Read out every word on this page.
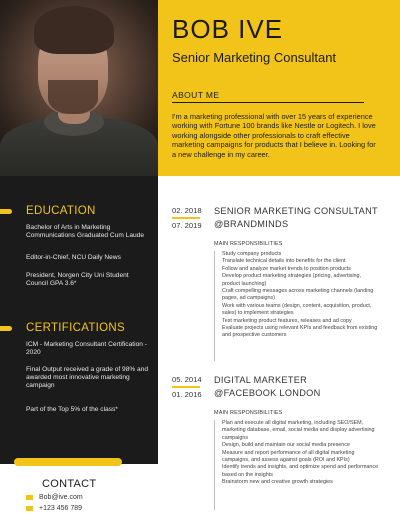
EDUCATION
Bachelor of Arts in Marketing Communications Graduated Cum Laude
Editor-in-Chief, NCU Daily News
President, Norgen City Uni Student Council GPA 3.6*
CERTIFICATIONS
ICM - Marketing Consultant Certification - 2020
Final Output received a grade of 98% and awarded most innovative marketing campaign
Part of the Top 5% of the class*
CONTACT
Bob@ive.com
+123 456 789
BOB IVE
Senior Marketing Consultant
ABOUT ME
I'm a marketing professional with over 15 years of experience working with Fortune 100 brands like Nestle or Logitech. I love working alongside other professionals to craft effective marketing campaigns for products that I believe in. Looking for a new challenge in my career.
02. 2018
07. 2019
SENIOR MARKETING CONSULTANT
@BRANDMINDS
MAIN RESPONSIBILITIES
Study company products
Translate technical details into benefits for the client
Follow and analyze market trends to position products
Develop product marketing strategies (pricing, advertising, product launching)
Craft compelling messages across marketing channels (landing pages, ad campaigns)
Work with various teams (design, content, acquisition, product, sales) to implement strategies
Test marketing product features, releases and ad copy
Evaluate projects using relevant KPIs and feedback from existing and prospective customers
05. 2014
01. 2016
DIGITAL MARKETER
@FACEBOOK LONDON
MAIN RESPONSIBILITIES
Plan and execute all digital marketing, including SEO/SEM, marketing database, email, social media and display advertising campaigns
Design, build and maintain our social media presence
Measure and report performance of all digital marketing campaigns, and assess against goals (ROI and KPIs)
Identify trends and insights, and optimize spend and performance based on the insights
Brainstorm new and creative growth strategies
